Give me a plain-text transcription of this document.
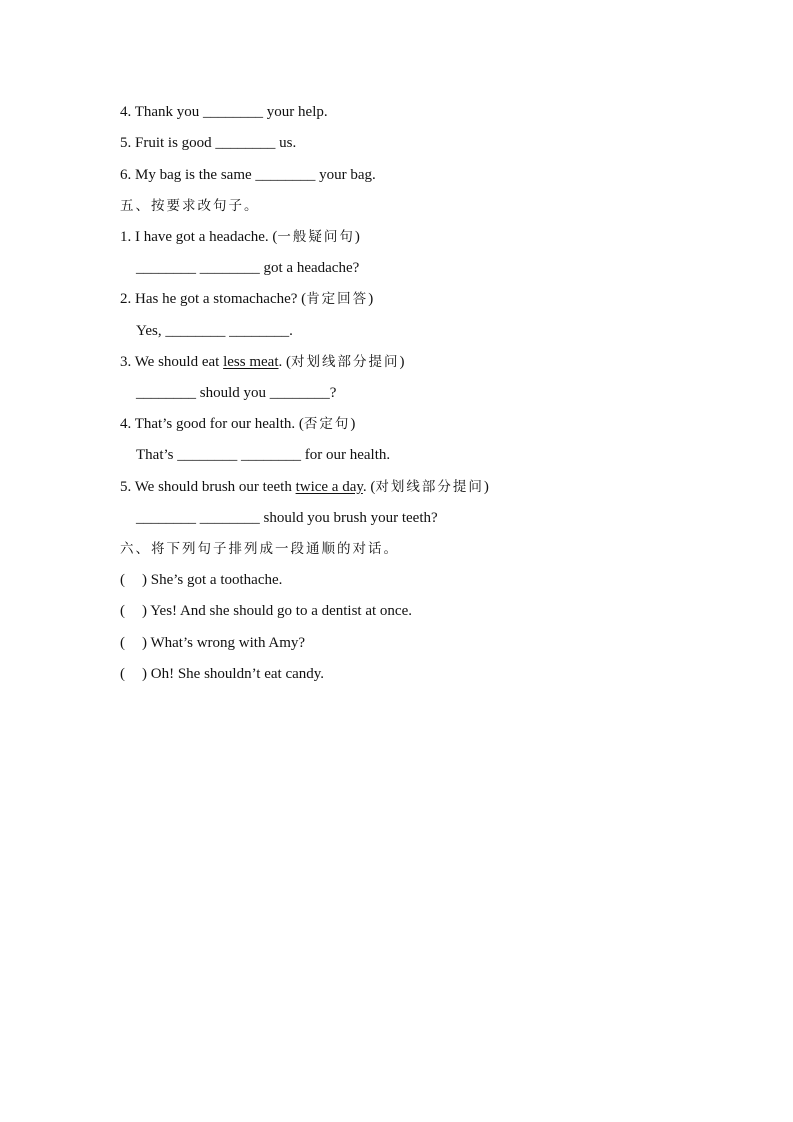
4. Thank you ________ your help.
5. Fruit is good ________ us.
6. My bag is the same ________ your bag.
五、按要求改句子。
1. I have got a headache. (一般疑问句)
________ ________ got a headache?
2. Has he got a stomachache? (肯定回答)
Yes, ________ ________.
3. We should eat less meat. (对划线部分提问)
________ should you ________?
4. That’s good for our health. (否定句)
That’s ________ ________ for our health.
5. We should brush our teeth twice a day. (对划线部分提问)
________ ________ should you brush your teeth?
六、将下列句子排列成一段通顺的对话。
( ) She’s got a toothache.
( ) Yes! And she should go to a dentist at once.
( ) What’s wrong with Amy?
( ) Oh! She shouldn’t eat candy.
